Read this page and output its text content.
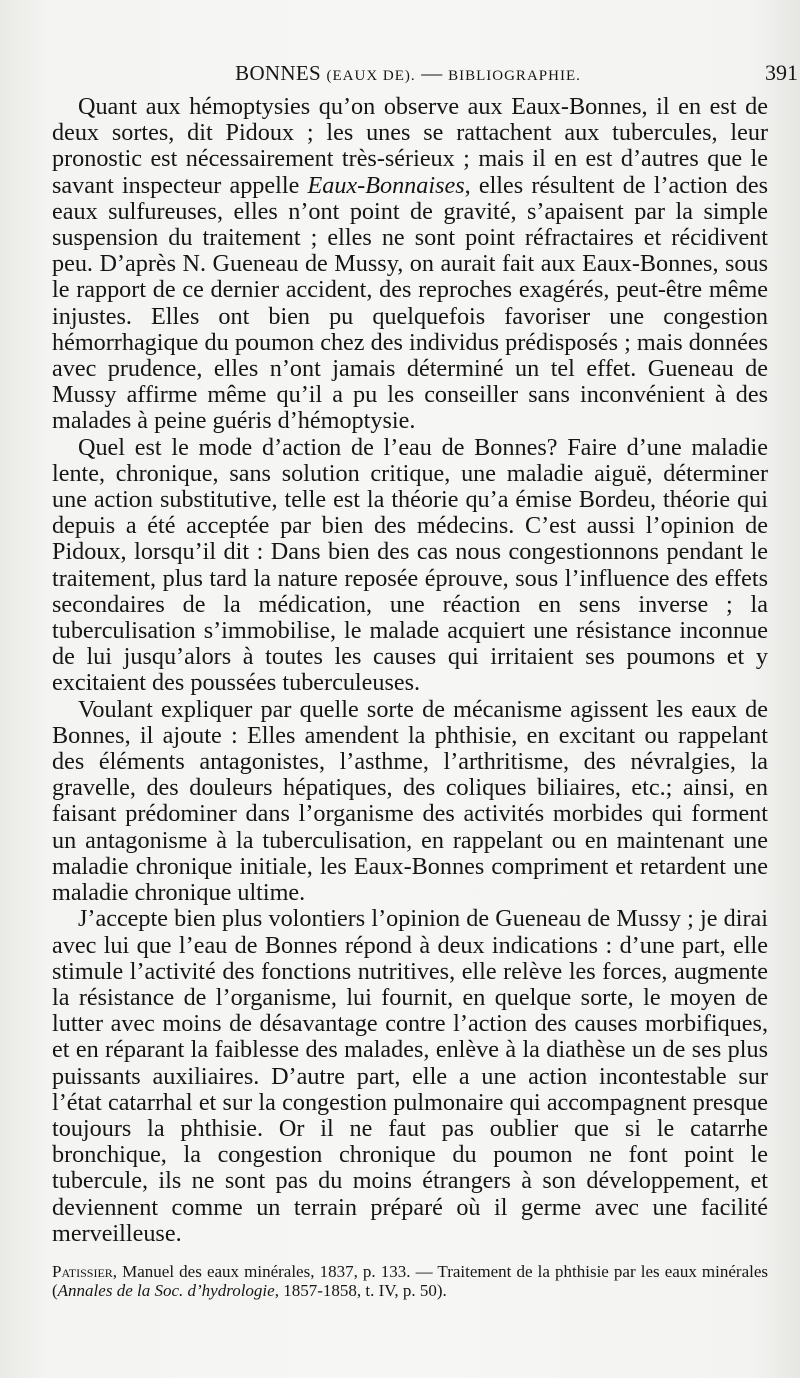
BONNES (EAUX DE). — BIBLIOGRAPHIE.	391

Quant aux hémoptysies qu’on observe aux Eaux-Bonnes, il en est de deux sortes, dit Pidoux ; les unes se rattachent aux tubercules, leur pronostic est nécessairement très-sérieux ; mais il en est d’autres que le savant inspecteur appelle Eaux-Bonnaises, elles résultent de l’action des eaux sulfureuses, elles n’ont point de gravité, s’apaisent par la simple suspension du traitement ; elles ne sont point réfractaires et récidivent peu. D’après N. Gueneau de Mussy, on aurait fait aux Eaux-Bonnes, sous le rapport de ce dernier accident, des reproches exagérés, peut-être même injustes. Elles ont bien pu quelquefois favoriser une congestion hémorrhagique du poumon chez des individus prédisposés ; mais données avec prudence, elles n’ont jamais déterminé un tel effet. Gueneau de Mussy affirme même qu’il a pu les conseiller sans inconvénient à des malades à peine guéris d’hémoptysie.

Quel est le mode d’action de l’eau de Bonnes? Faire d’une maladie lente, chronique, sans solution critique, une maladie aiguë, déterminer une action substitutive, telle est la théorie qu’a émise Bordeu, théorie qui depuis a été acceptée par bien des médecins. C’est aussi l’opinion de Pidoux, lorsqu’il dit : Dans bien des cas nous congestionnons pendant le traitement, plus tard la nature reposée éprouve, sous l’influence des effets secondaires de la médication, une réaction en sens inverse ; la tuberculisation s’immobilise, le malade acquiert une résistance inconnue de lui jusqu’alors à toutes les causes qui irritaient ses poumons et y excitaient des poussées tuberculeuses.

Voulant expliquer par quelle sorte de mécanisme agissent les eaux de Bonnes, il ajoute : Elles amendent la phthisie, en excitant ou rappelant des éléments antagonistes, l’asthme, l’arthritisme, des névralgies, la gravelle, des douleurs hépatiques, des coliques biliaires, etc.; ainsi, en faisant prédominer dans l’organisme des activités morbides qui forment un antagonisme à la tuberculisation, en rappelant ou en maintenant une maladie chronique initiale, les Eaux-Bonnes compriment et retardent une maladie chronique ultime.

J’accepte bien plus volontiers l’opinion de Gueneau de Mussy ; je dirai avec lui que l’eau de Bonnes répond à deux indications : d’une part, elle stimule l’activité des fonctions nutritives, elle relève les forces, augmente la résistance de l’organisme, lui fournit, en quelque sorte, le moyen de lutter avec moins de désavantage contre l’action des causes morbifiques, et en réparant la faiblesse des malades, enlève à la diathèse un de ses plus puissants auxiliaires. D’autre part, elle a une action incontestable sur l’état catarrhal et sur la congestion pulmonaire qui accompagnent presque toujours la phthisie. Or il ne faut pas oublier que si le catarrhe bronchique, la congestion chronique du poumon ne font point le tubercule, ils ne sont pas du moins étrangers à son développement, et deviennent comme un terrain préparé où il germe avec une facilité merveilleuse.

Patissier, Manuel des eaux minérales, 1837, p. 133. — Traitement de la phthisie par les eaux minérales (Annales de la Soc. d’hydrologie, 1857-1858, t. IV, p. 50).
